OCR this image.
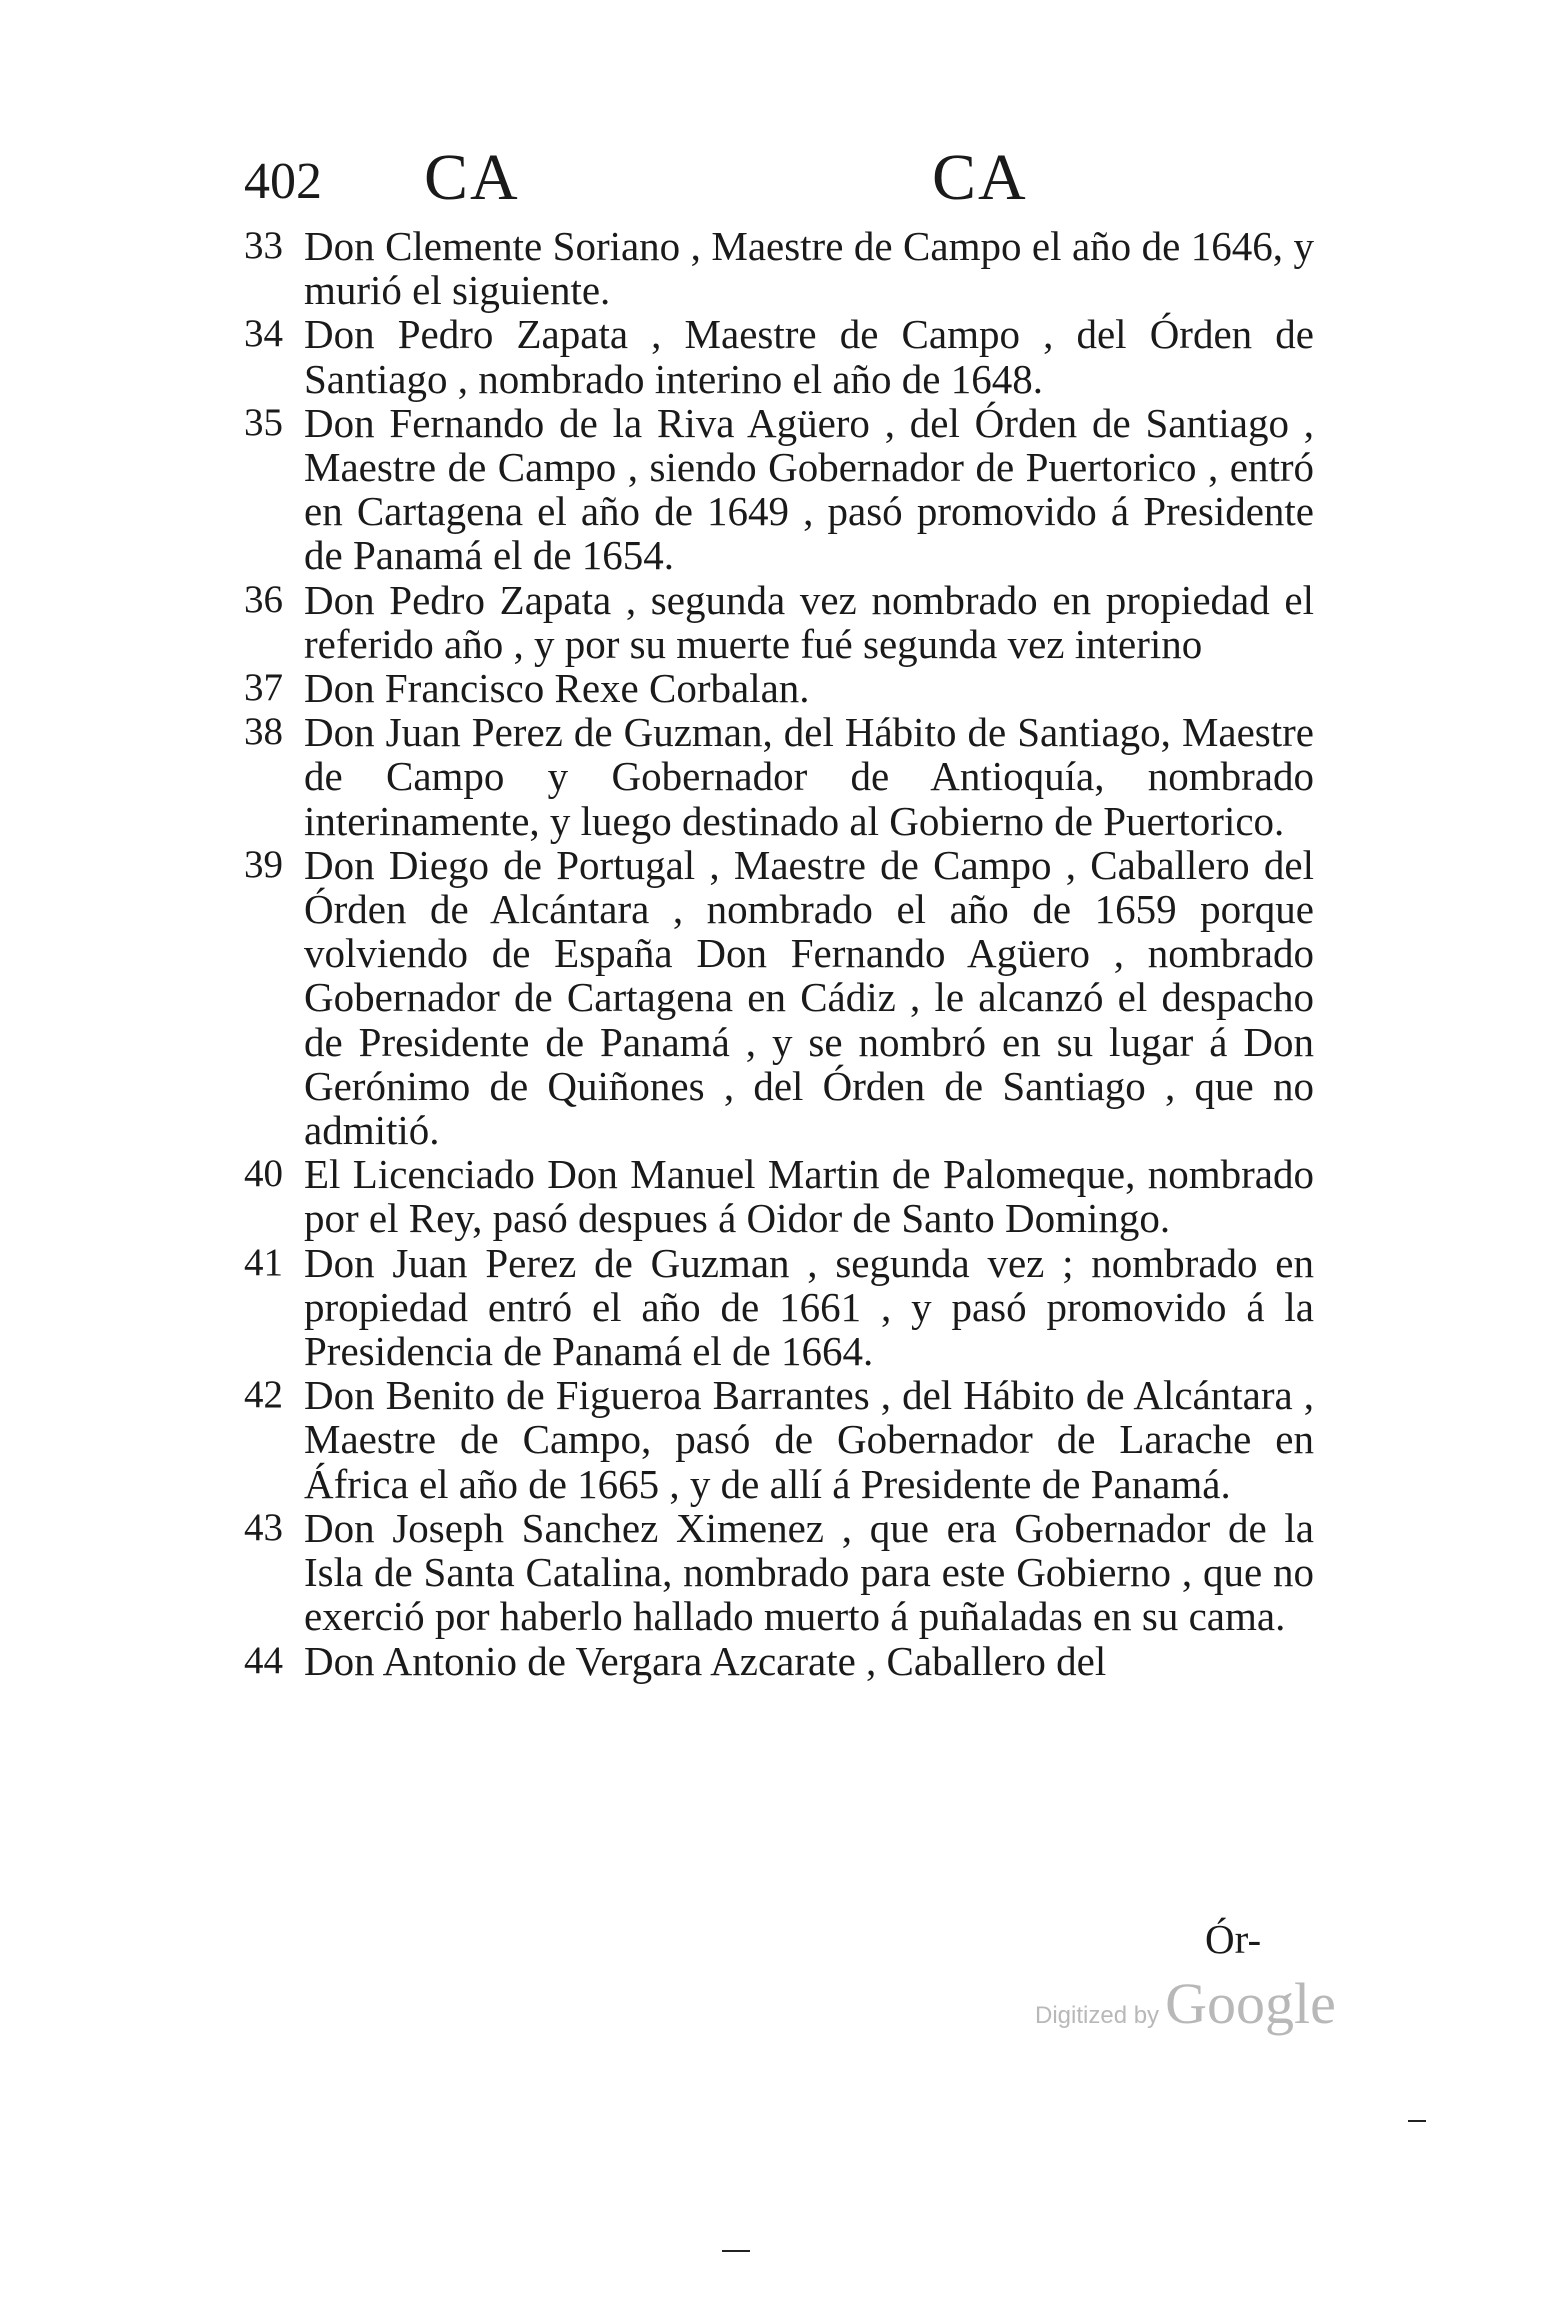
402 CA	CA
33 Don Clemente Soriano , Maestre de Campo el año de 1646, y murió el siguiente.
34 Don Pedro Zapata , Maestre de Campo , del Órden de Santiago , nombrado interino el año de 1648.
35 Don Fernando de la Riva Agüero , del Órden de Santiago , Maestre de Campo , siendo Gobernador de Puertorico , entró en Cartagena el año de 1649 , pasó promovido á Presidente de Panamá el de 1654.
36 Don Pedro Zapata , segunda vez nombrado en propiedad el referido año , y por su muerte fué segunda vez interino
37 Don Francisco Rexe Corbalan.
38 Don Juan Perez de Guzman, del Hábito de Santiago, Maestre de Campo y Gobernador de Antioquía, nombrado interinamente, y luego destinado al Gobierno de Puertorico.
39 Don Diego de Portugal , Maestre de Campo , Caballero del Órden de Alcántara , nombrado el año de 1659 porque volviendo de España Don Fernando Agüero , nombrado Gobernador de Cartagena en Cádiz , le alcanzó el despacho de Presidente de Panamá , y se nombró en su lugar á Don Gerónimo de Quiñones , del Órden de Santiago , que no admitió.
40 El Licenciado Don Manuel Martin de Palomeque, nombrado por el Rey, pasó despues á Oidor de Santo Domingo.
41 Don Juan Perez de Guzman , segunda vez ; nombrado en propiedad entró el año de 1661 , y pasó promovido á la Presidencia de Panamá el de 1664.
42 Don Benito de Figueroa Barrantes , del Hábito de Alcántara , Maestre de Campo, pasó de Gobernador de Larache en África el año de 1665 , y de allí á Presidente de Panamá.
43 Don Joseph Sanchez Ximenez , que era Gobernador de la Isla de Santa Catalina, nombrado para este Gobierno , que no exerció por haberlo hallado muerto á puñaladas en su cama.
44 Don Antonio de Vergara Azcarate , Caballero del
Ór-
Digitized by Google
